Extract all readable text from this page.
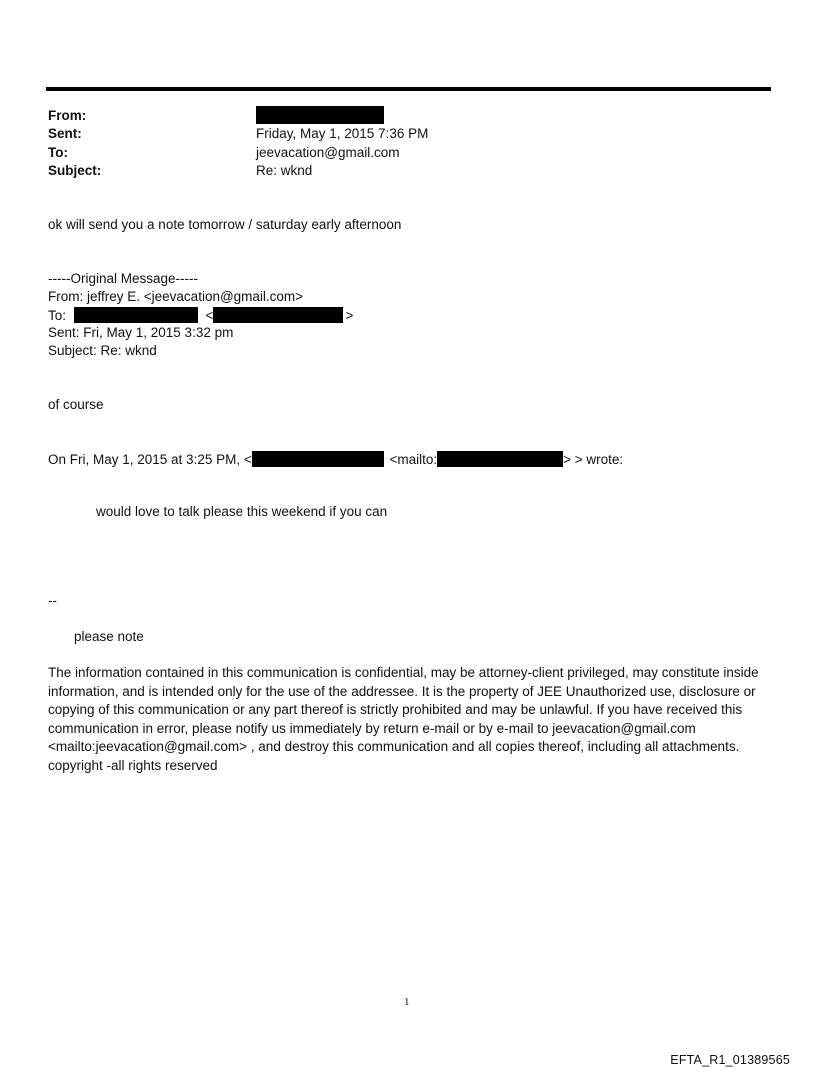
From:
Sent:	Friday, May 1, 2015 7:36 PM
To:	jeevacation@gmail.com
Subject:	Re: wknd
ok will send you a note tomorrow / saturday early afternoon
-----Original Message-----
From: jeffrey E. <jeevacation@gmail.com>
To:	<	>
Sent: Fri, May 1, 2015 3:32 pm
Subject: Re: wknd
of course
On Fri, May 1, 2015 at 3:25 PM, <	<mailto:	> > wrote:
would love to talk please this weekend if you can
--
please note
The information contained in this communication is confidential, may be attorney-client privileged, may constitute inside information, and is intended only for the use of the addressee. It is the property of JEE Unauthorized use, disclosure or copying of this communication or any part thereof is strictly prohibited and may be unlawful. If you have received this communication in error, please notify us immediately by return e-mail or by e-mail to jeevacation@gmail.com <mailto:jeevacation@gmail.com> , and destroy this communication and all copies thereof, including all attachments. copyright -all rights reserved
1
EFTA_R1_01389565
